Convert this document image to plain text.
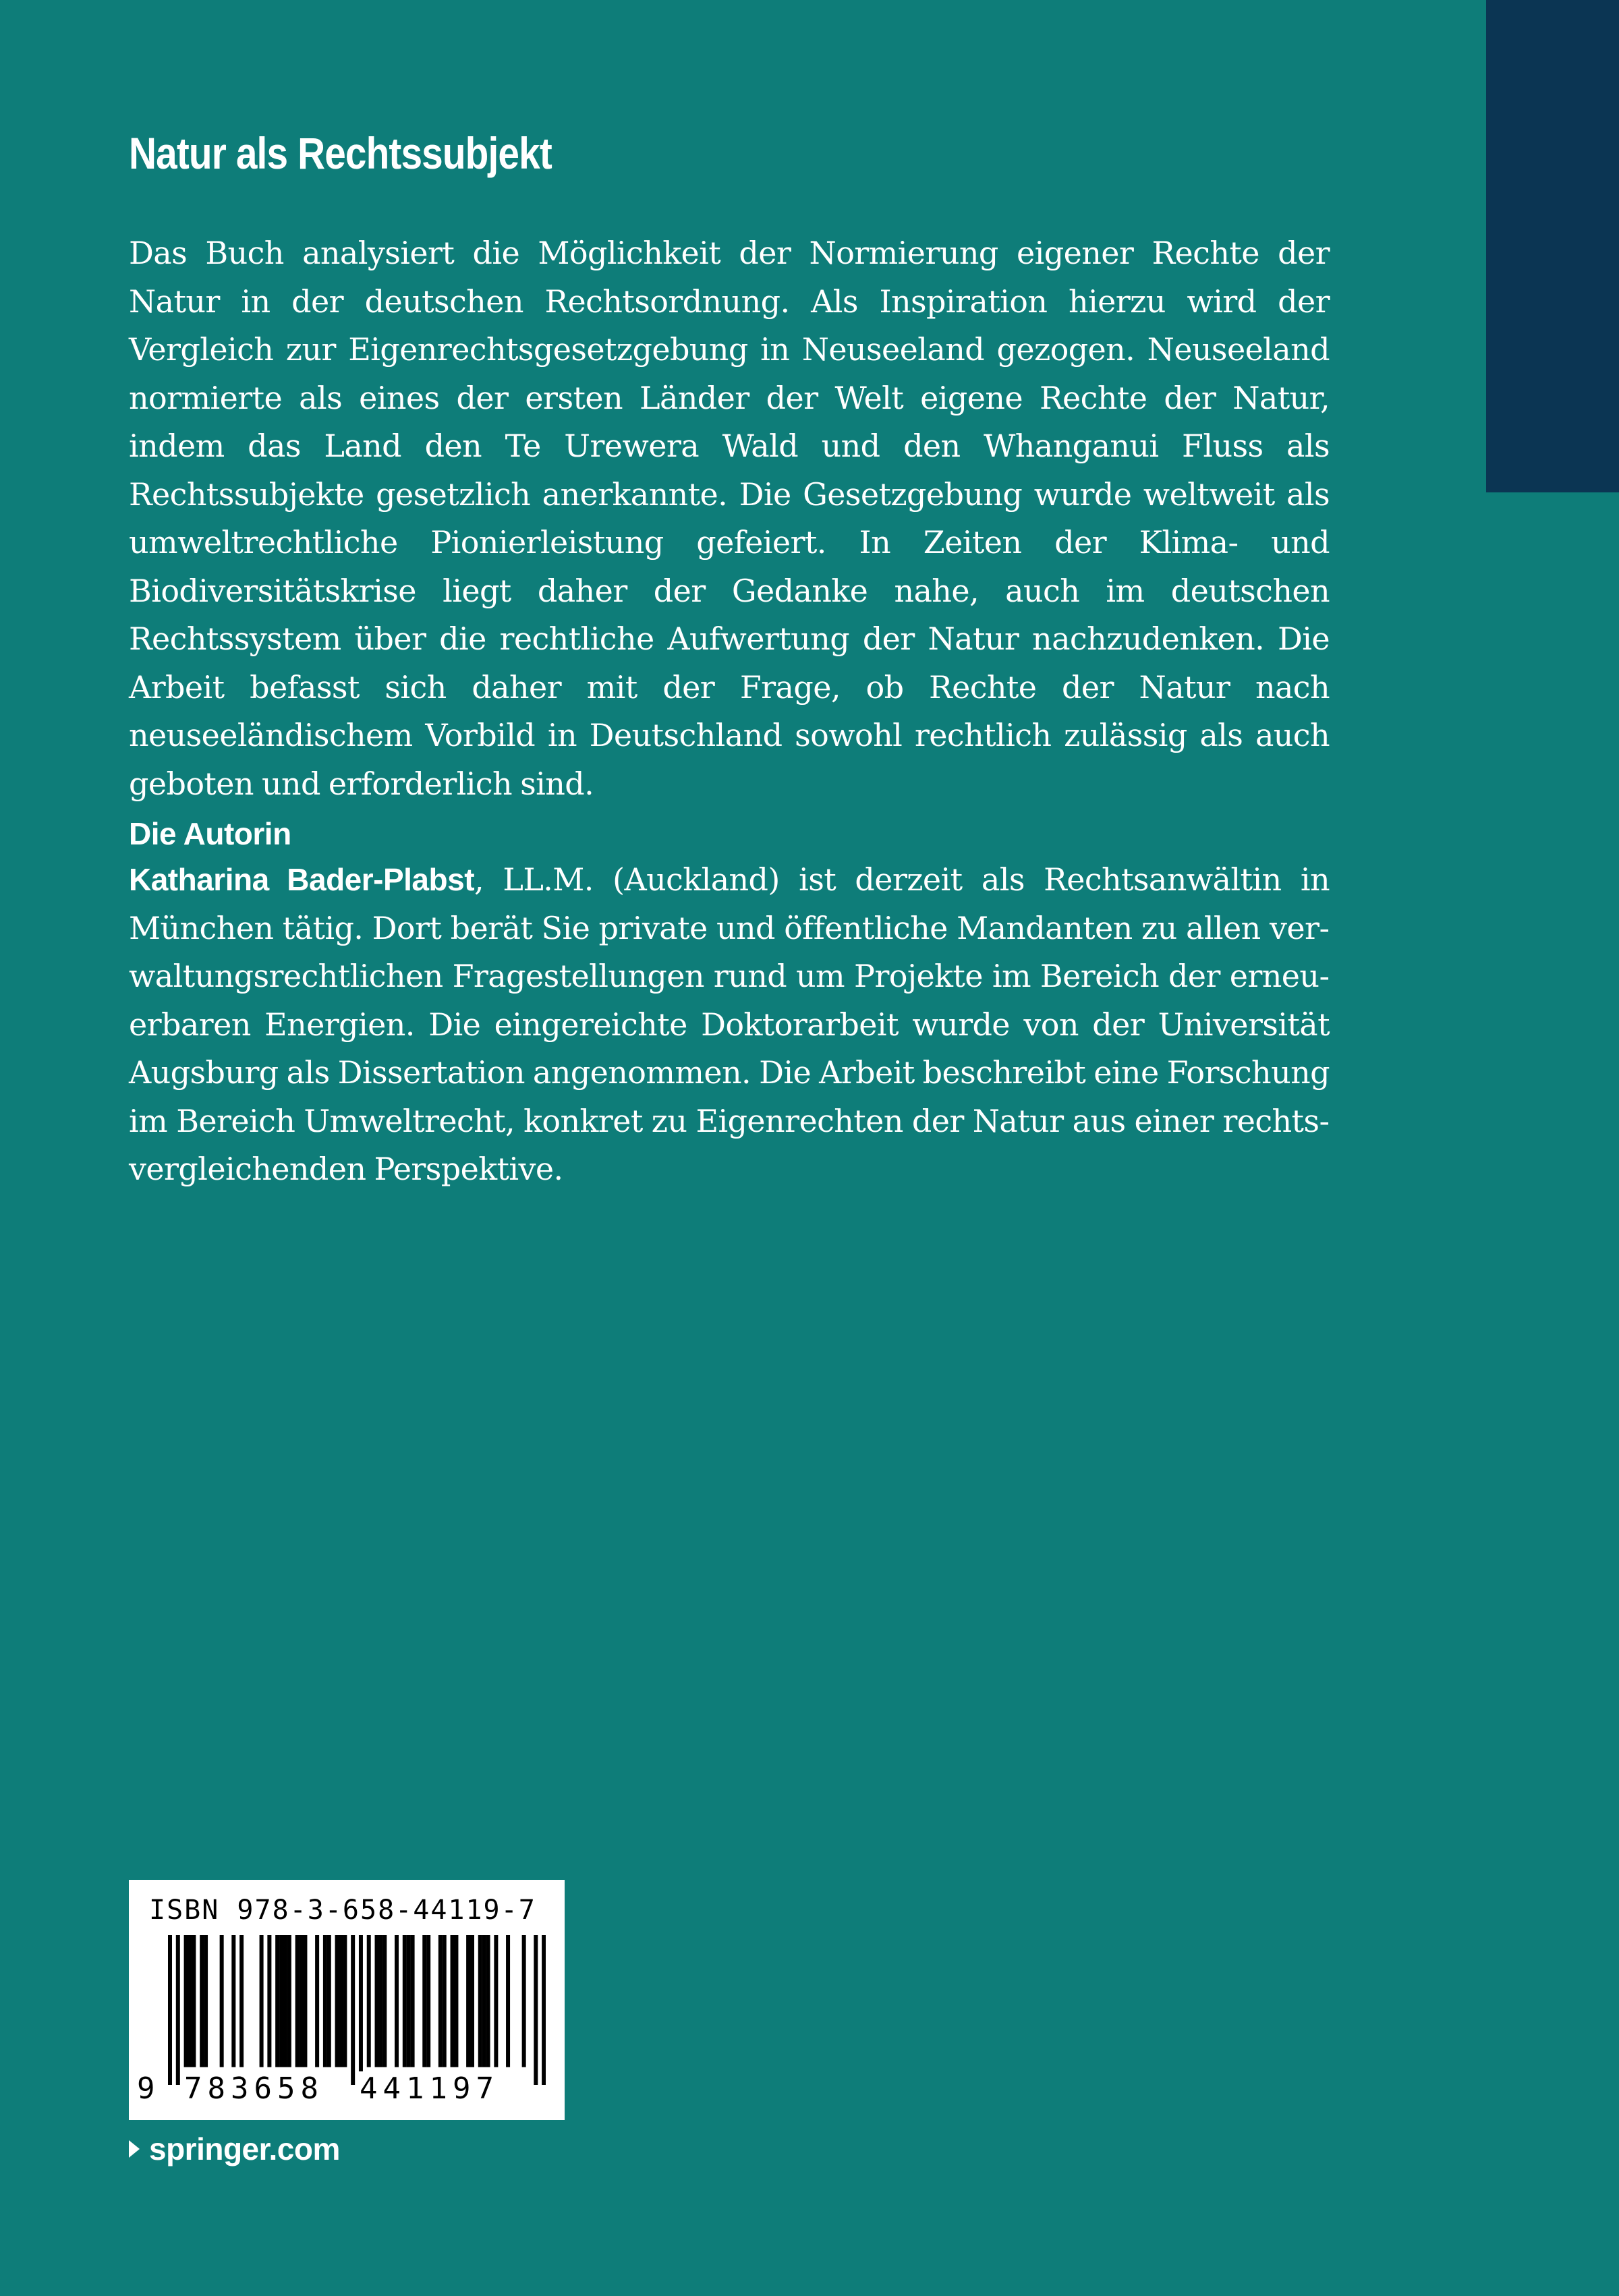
Natur als Rechtssubjekt

Das Buch analysiert die Möglichkeit der Normierung eigener Rechte der Natur in der deutschen Rechtsordnung. Als Inspiration hierzu wird der Vergleich zur Eigenrechtsgesetzgebung in Neuseeland gezogen. Neuseeland normierte als eines der ersten Länder der Welt eigene Rechte der Natur, indem das Land den Te Urewera Wald und den Whanganui Fluss als Rechtssubjekte gesetzlich anerkannte. Die Gesetzgebung wurde weltweit als umweltrechtliche Pionierleistung gefeiert. In Zeiten der Klima- und Biodiversitätskrise liegt daher der Gedanke nahe, auch im deutschen Rechtssystem über die rechtliche Aufwertung der Natur nachzudenken. Die Arbeit befasst sich daher mit der Frage, ob Rechte der Natur nach neuseeländischem Vorbild in Deutschland sowohl rechtlich zulässig als auch geboten und erforderlich sind.

Die Autorin

Katharina Bader-Plabst, LL.M. (Auckland) ist derzeit als Rechtsanwältin in München tätig. Dort berät Sie private und öffentliche Mandanten zu allen verwaltungsrechtlichen Fragestellungen rund um Projekte im Bereich der erneuerbaren Energien. Die eingereichte Doktorarbeit wurde von der Universität Augsburg als Dissertation angenommen. Die Arbeit beschreibt eine Forschung im Bereich Umweltrecht, konkret zu Eigenrechten der Natur aus einer rechtsvergleichenden Perspektive.

ISBN 978-3-658-44119-7
9 783658 441197
springer.com
